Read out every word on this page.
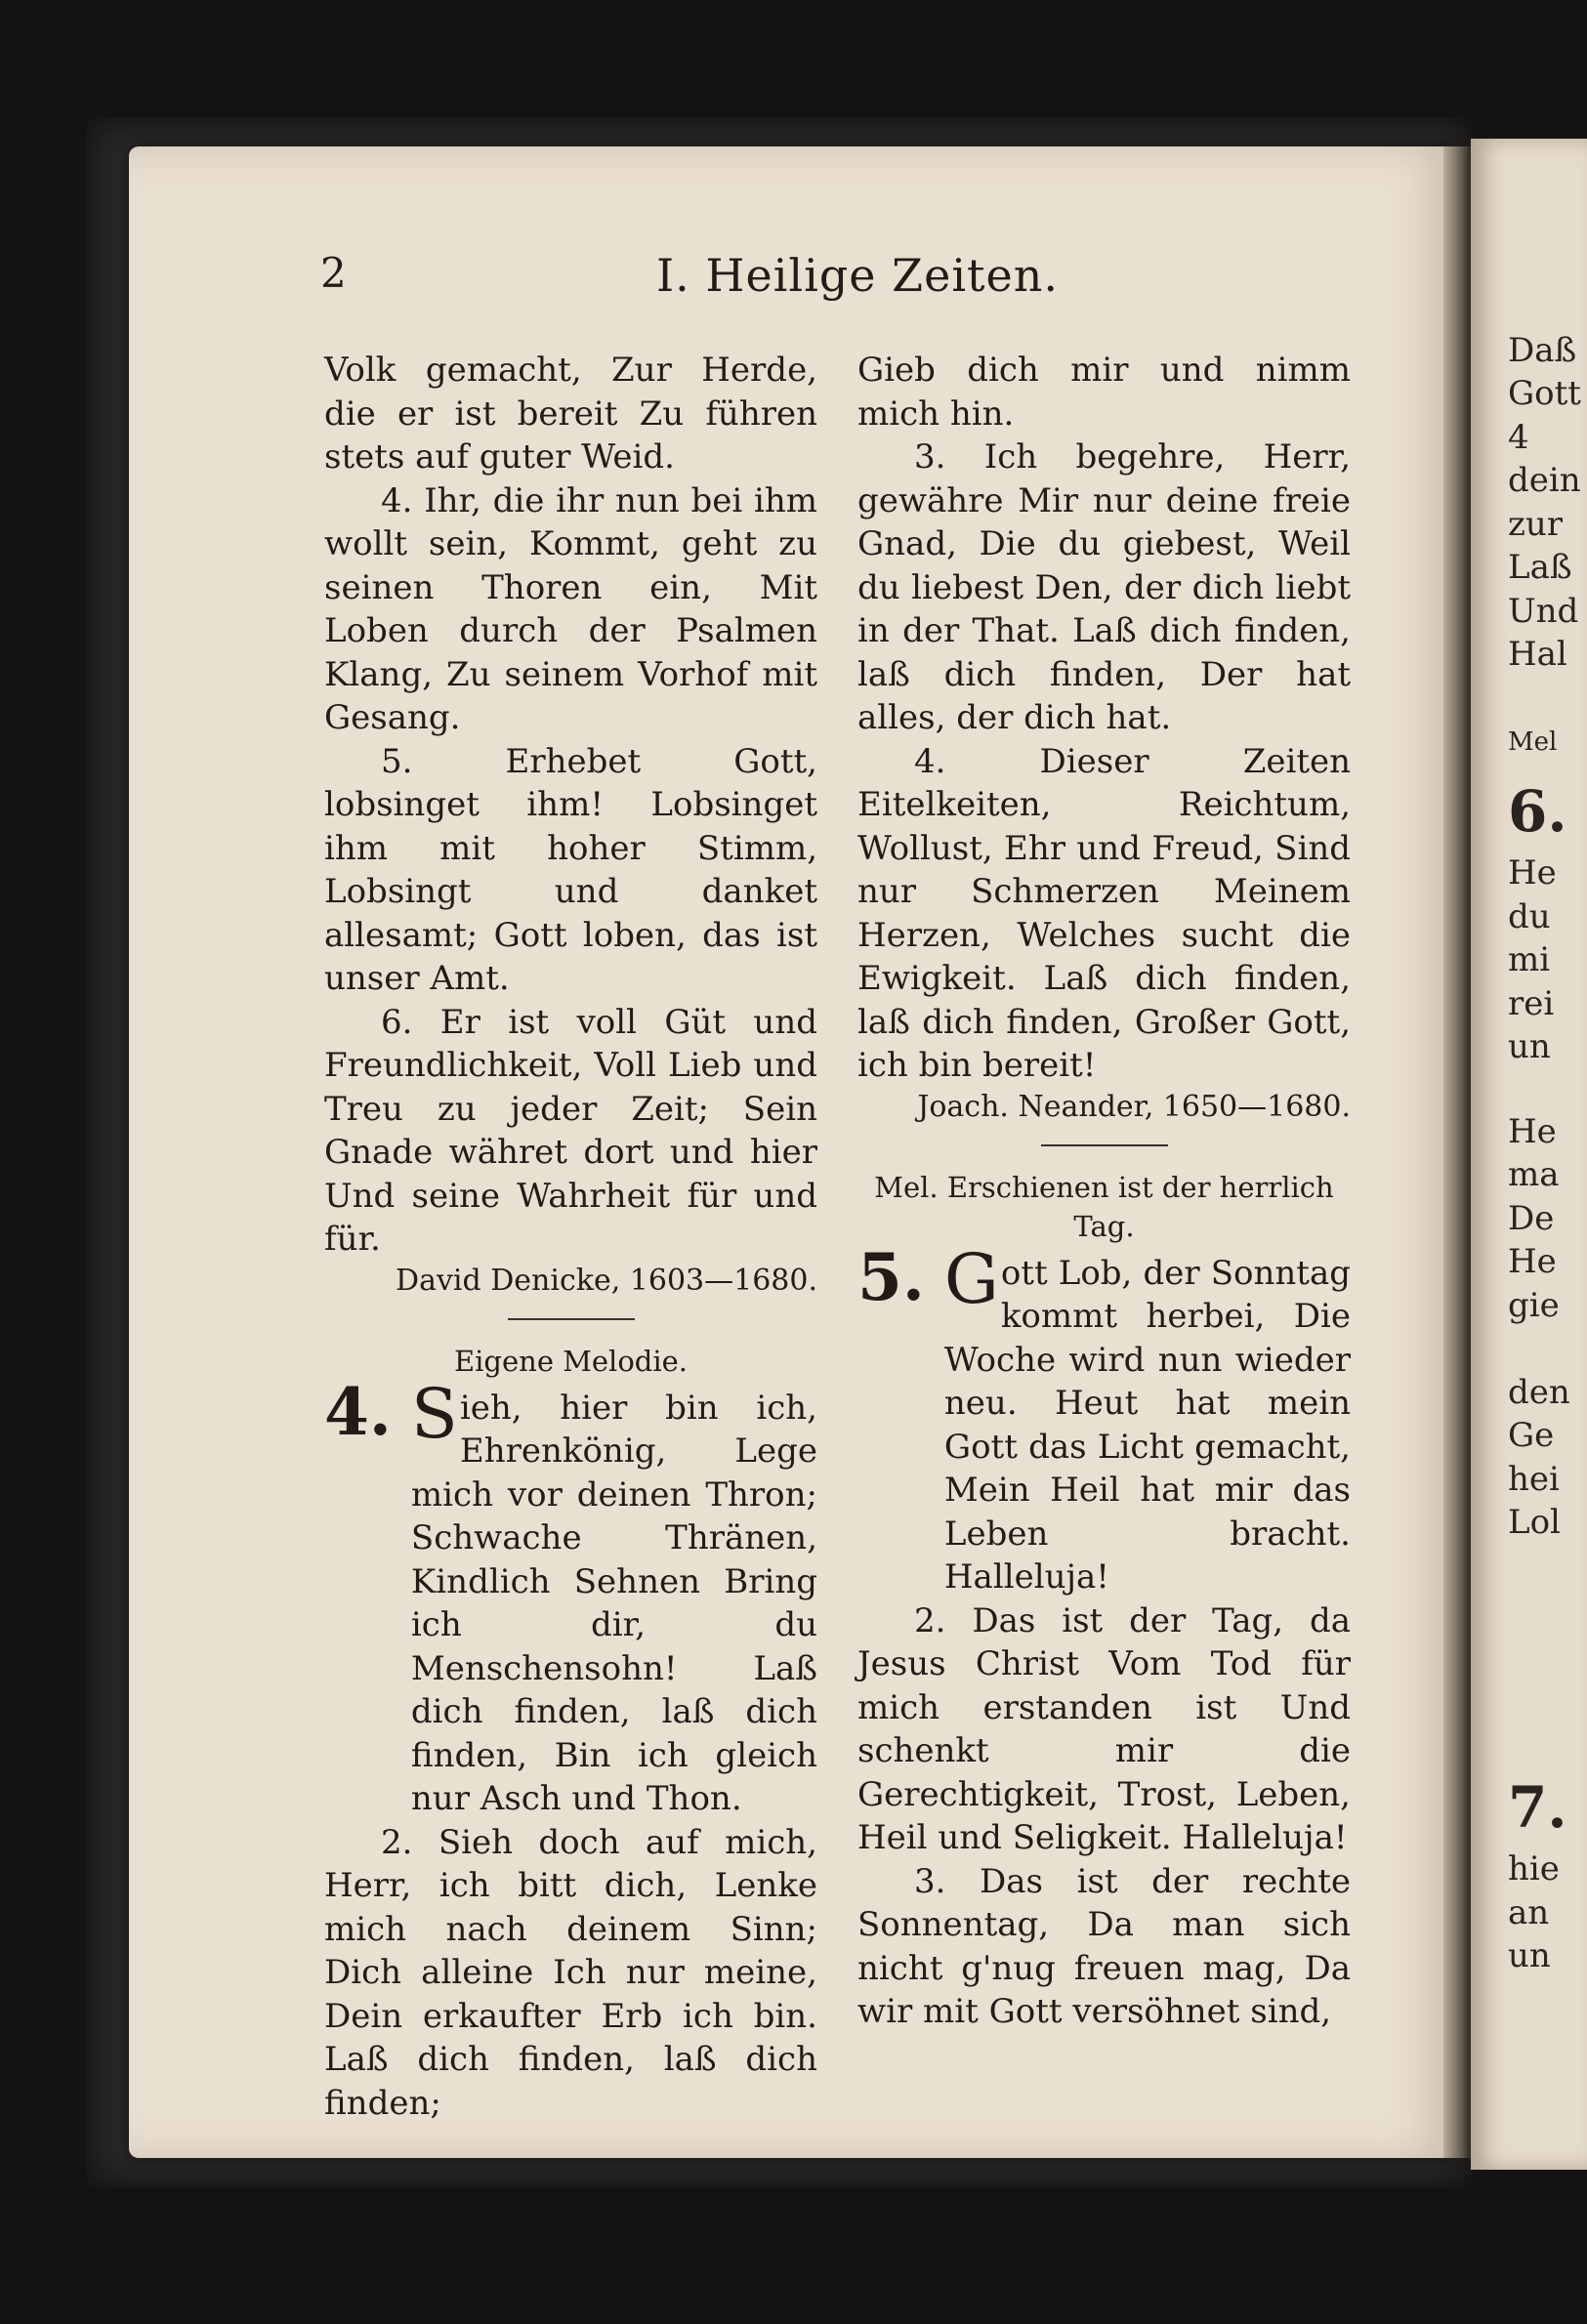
Daß
Gott
4
dein
zur
Laß
Und
Hal
Mel
6.
He
du
mi
rei
un
He
ma
De
He
gie
den
Ge
hei
Lol
7.
hie
an
un
2	I. Heilige Zeiten.

Volk gemacht, Zur Herde, die er ist bereit Zu führen stets auf guter Weid.

4. Ihr, die ihr nun bei ihm wollt sein, Kommt, geht zu seinen Thoren ein, Mit Loben durch der Psalmen Klang, Zu seinem Vorhof mit Gesang.

5. Erhebet Gott, lobsinget ihm! Lobsinget ihm mit hoher Stimm, Lobsingt und danket allesamt; Gott loben, das ist unser Amt.

6. Er ist voll Güt und Freundlichkeit, Voll Lieb und Treu zu jeder Zeit; Sein Gnade währet dort und hier Und seine Wahrheit für und für.

David Denicke, 1603—1680.

Eigene Melodie.
4. Sieh, hier bin ich, Ehrenkönig, Lege mich vor deinen Thron; Schwache Thränen, Kindlich Sehnen Bring ich dir, du Menschensohn! Laß dich finden, laß dich finden, Bin ich gleich nur Asch und Thon.

2. Sieh doch auf mich, Herr, ich bitt dich, Lenke mich nach deinem Sinn; Dich alleine Ich nur meine, Dein erkaufter Erb ich bin. Laß dich finden, laß dich finden;

Gieb dich mir und nimm mich hin.

3. Ich begehre, Herr, gewähre Mir nur deine freie Gnad, Die du giebest, Weil du liebest Den, der dich liebt in der That. Laß dich finden, laß dich finden, Der hat alles, der dich hat.

4. Dieser Zeiten Eitelkeiten, Reichtum, Wollust, Ehr und Freud, Sind nur Schmerzen Meinem Herzen, Welches sucht die Ewigkeit. Laß dich finden, laß dich finden, Großer Gott, ich bin bereit!

Joach. Neander, 1650—1680.

Mel. Erschienen ist der herrlich Tag.
5. Gott Lob, der Sonntag kommt herbei, Die Woche wird nun wieder neu. Heut hat mein Gott das Licht gemacht, Mein Heil hat mir das Leben bracht. Halleluja!

2. Das ist der Tag, da Jesus Christ Vom Tod für mich erstanden ist Und schenkt mir die Gerechtigkeit, Trost, Leben, Heil und Seligkeit. Halleluja!

3. Das ist der rechte Sonnentag, Da man sich nicht g'nug freuen mag, Da wir mit Gott versöhnet sind,
